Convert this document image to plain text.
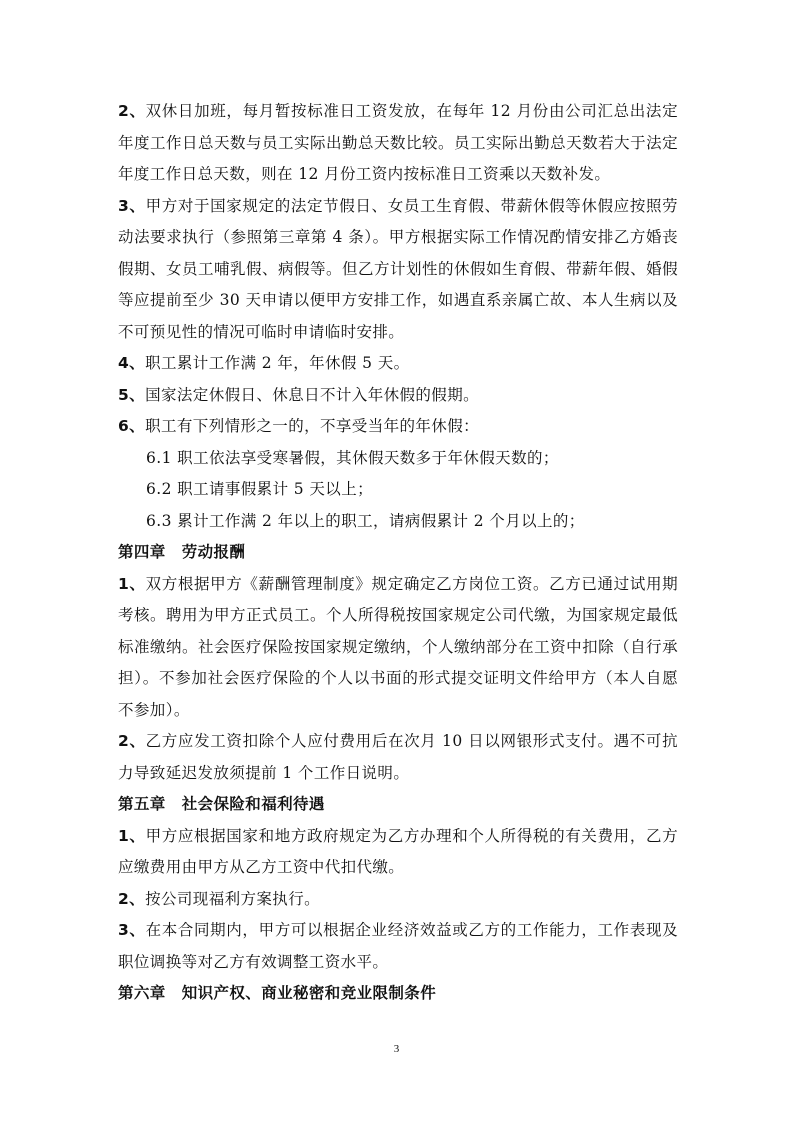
2、双休日加班，每月暂按标准日工资发放，在每年 12 月份由公司汇总出法定年度工作日总天数与员工实际出勤总天数比较。员工实际出勤总天数若大于法定年度工作日总天数，则在 12 月份工资内按标准日工资乘以天数补发。

3、甲方对于国家规定的法定节假日、女员工生育假、带薪休假等休假应按照劳动法要求执行（参照第三章第 4 条）。甲方根据实际工作情况酌情安排乙方婚丧假期、女员工哺乳假、病假等。但乙方计划性的休假如生育假、带薪年假、婚假等应提前至少 30 天申请以便甲方安排工作，如遇直系亲属亡故、本人生病以及不可预见性的情况可临时申请临时安排。

4、职工累计工作满 2 年，年休假 5 天。

5、国家法定休假日、休息日不计入年休假的假期。

6、职工有下列情形之一的，不享受当年的年休假：

6.1 职工依法享受寒暑假，其休假天数多于年休假天数的；

6.2 职工请事假累计 5 天以上；

6.3 累计工作满 2 年以上的职工，请病假累计 2 个月以上的；

第四章 劳动报酬

1、双方根据甲方《薪酬管理制度》规定确定乙方岗位工资。乙方已通过试用期考核。聘用为甲方正式员工。个人所得税按国家规定公司代缴，为国家规定最低标准缴纳。社会医疗保险按国家规定缴纳，个人缴纳部分在工资中扣除（自行承担）。不参加社会医疗保险的个人以书面的形式提交证明文件给甲方（本人自愿不参加）。

2、乙方应发工资扣除个人应付费用后在次月 10 日以网银形式支付。遇不可抗力导致延迟发放须提前 1 个工作日说明。

第五章 社会保险和福利待遇

1、甲方应根据国家和地方政府规定为乙方办理和个人所得税的有关费用，乙方应缴费用由甲方从乙方工资中代扣代缴。

2、按公司现福利方案执行。

3、在本合同期内，甲方可以根据企业经济效益或乙方的工作能力，工作表现及职位调换等对乙方有效调整工资水平。

第六章 知识产权、商业秘密和竞业限制条件

3
